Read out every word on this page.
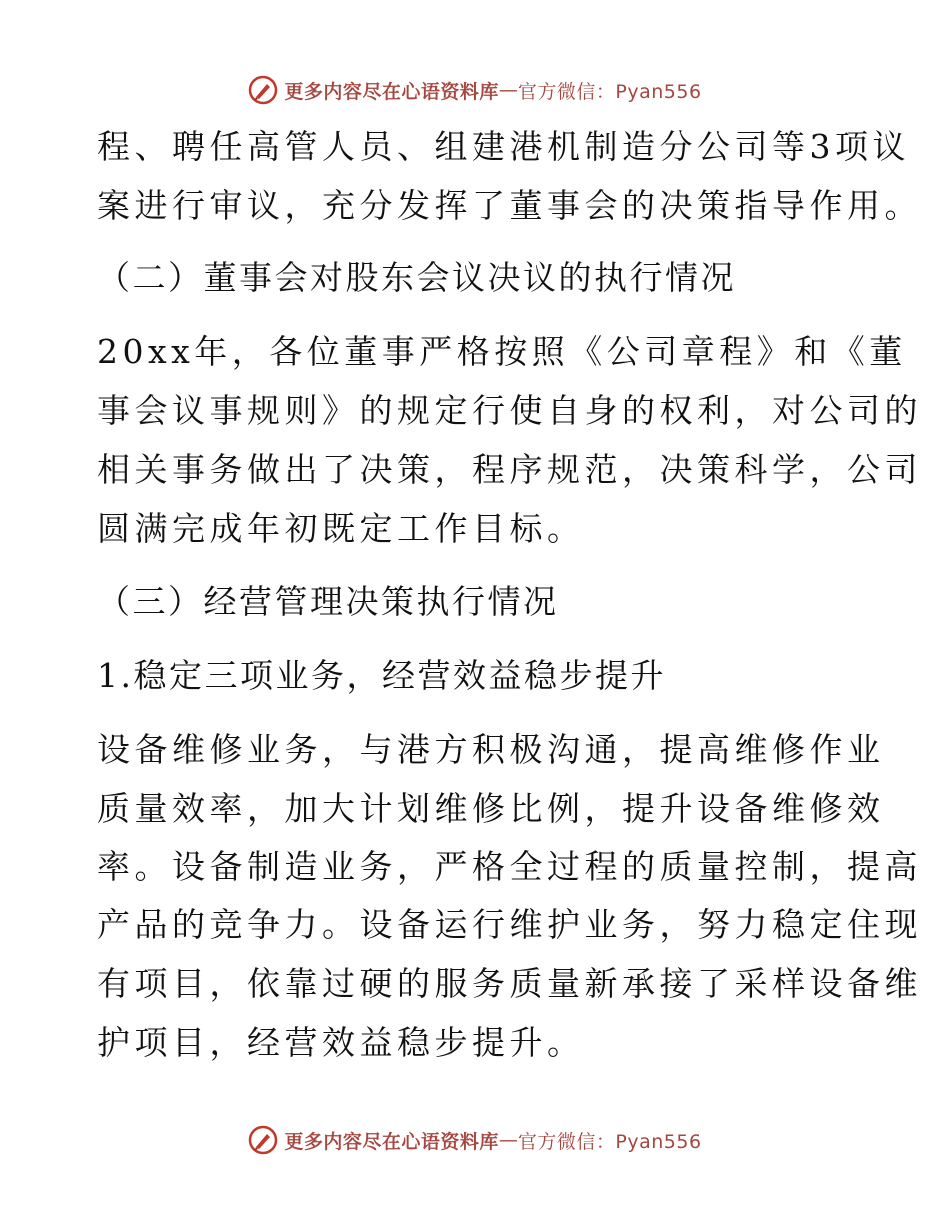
更多内容尽在心语资料库 — 官方微信：Pyan556
程、聘任高管人员、组建港机制造分公司等3项议
案进行审议，充分发挥了董事会的决策指导作用。
（二）董事会对股东会议决议的执行情况
20xx年，各位董事严格按照《公司章程》和《董
事会议事规则》的规定行使自身的权利，对公司的
相关事务做出了决策，程序规范，决策科学，公司
圆满完成年初既定工作目标。
（三）经营管理决策执行情况
1.稳定三项业务，经营效益稳步提升
设备维修业务，与港方积极沟通，提高维修作业
质量效率，加大计划维修比例，提升设备维修效
率。设备制造业务，严格全过程的质量控制，提高
产品的竞争力。设备运行维护业务，努力稳定住现
有项目，依靠过硬的服务质量新承接了采样设备维
护项目，经营效益稳步提升。
更多内容尽在心语资料库 — 官方微信：Pyan556
